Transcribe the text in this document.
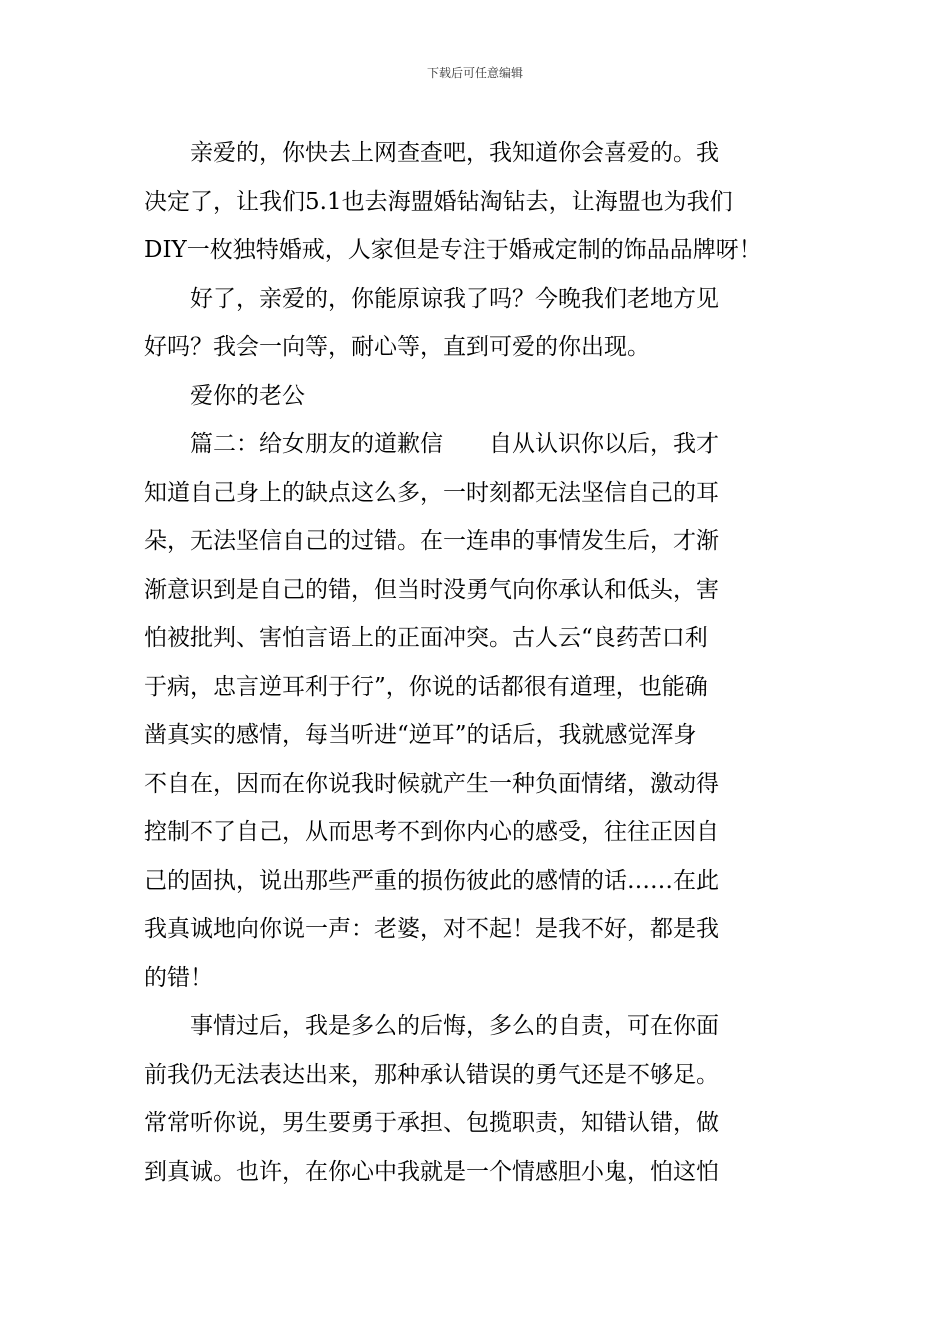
下载后可任意编辑

亲爱的，你快去上网查查吧，我知道你会喜爱的。我
决定了，让我们5.1也去海盟婚钻淘钻去，让海盟也为我们
DIY一枚独特婚戒，人家但是专注于婚戒定制的饰品品牌呀！

好了，亲爱的，你能原谅我了吗？今晚我们老地方见
好吗？我会一向等，耐心等，直到可爱的你出现。

爱你的老公

篇二：给女朋友的道歉信　　自从认识你以后，我才
知道自己身上的缺点这么多，一时刻都无法坚信自己的耳
朵，无法坚信自己的过错。在一连串的事情发生后，才渐
渐意识到是自己的错，但当时没勇气向你承认和低头，害
怕被批判、害怕言语上的正面冲突。古人云“良药苦口利
于病，忠言逆耳利于行”，你说的话都很有道理，也能确
凿真实的感情，每当听进“逆耳”的话后，我就感觉浑身
不自在，因而在你说我时候就产生一种负面情绪，激动得
控制不了自己，从而思考不到你内心的感受，往往正因自
己的固执，说出那些严重的损伤彼此的感情的话……在此
我真诚地向你说一声：老婆，对不起！是我不好，都是我
的错！

事情过后，我是多么的后悔，多么的自责，可在你面
前我仍无法表达出来，那种承认错误的勇气还是不够足。
常常听你说，男生要勇于承担、包揽职责，知错认错，做
到真诚。也许，在你心中我就是一个情感胆小鬼，怕这怕
